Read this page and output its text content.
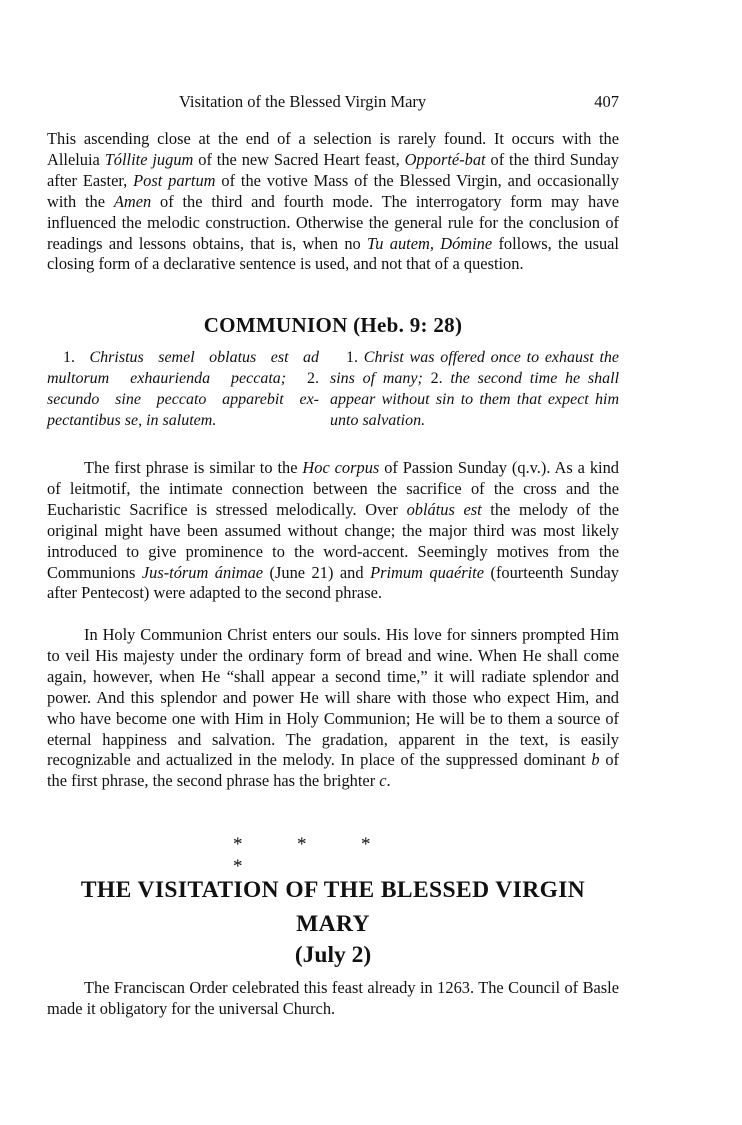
Visitation of the Blessed Virgin Mary	407

This ascending close at the end of a selection is rarely found. It occurs with the Alleluia Tóllite jugum of the new Sacred Heart feast, Opporté-bat of the third Sunday after Easter, Post partum of the votive Mass of the Blessed Virgin, and occasionally with the Amen of the third and fourth mode. The interrogatory form may have influenced the melodic construction. Otherwise the general rule for the conclusion of readings and lessons obtains, that is, when no Tu autem, Dómine follows, the usual closing form of a declarative sentence is used, and not that of a question.

COMMUNION (Heb. 9: 28)

1. Christus semel oblatus est ad multorum exhaurienda peccata; 2. secundo sine peccato apparebit expectantibus se, in salutem.

1. Christ was offered once to exhaust the sins of many; 2. the second time he shall appear without sin to them that expect him unto salvation.

The first phrase is similar to the Hoc corpus of Passion Sunday (q.v.). As a kind of leitmotif, the intimate connection between the sacrifice of the cross and the Eucharistic Sacrifice is stressed melodically. Over oblátus est the melody of the original might have been assumed without change; the major third was most likely introduced to give prominence to the word-accent. Seemingly motives from the Communions Jus-tórum ánimae (June 21) and Primum quaérite (fourteenth Sunday after Pentecost) were adapted to the second phrase.

In Holy Communion Christ enters our souls. His love for sinners prompted Him to veil His majesty under the ordinary form of bread and wine. When He shall come again, however, when He “shall appear a second time,” it will radiate splendor and power. And this splendor and power He will share with those who expect Him, and who have become one with Him in Holy Communion; He will be to them a source of eternal happiness and salvation. The gradation, apparent in the text, is easily recognizable and actualized in the melody. In place of the suppressed dominant b of the first phrase, the second phrase has the brighter c.

*	*	**
THE VISITATION OF THE BLESSED VIRGIN
MARY
(July 2)

The Franciscan Order celebrated this feast already in 1263. The Council of Basle made it obligatory for the universal Church.
